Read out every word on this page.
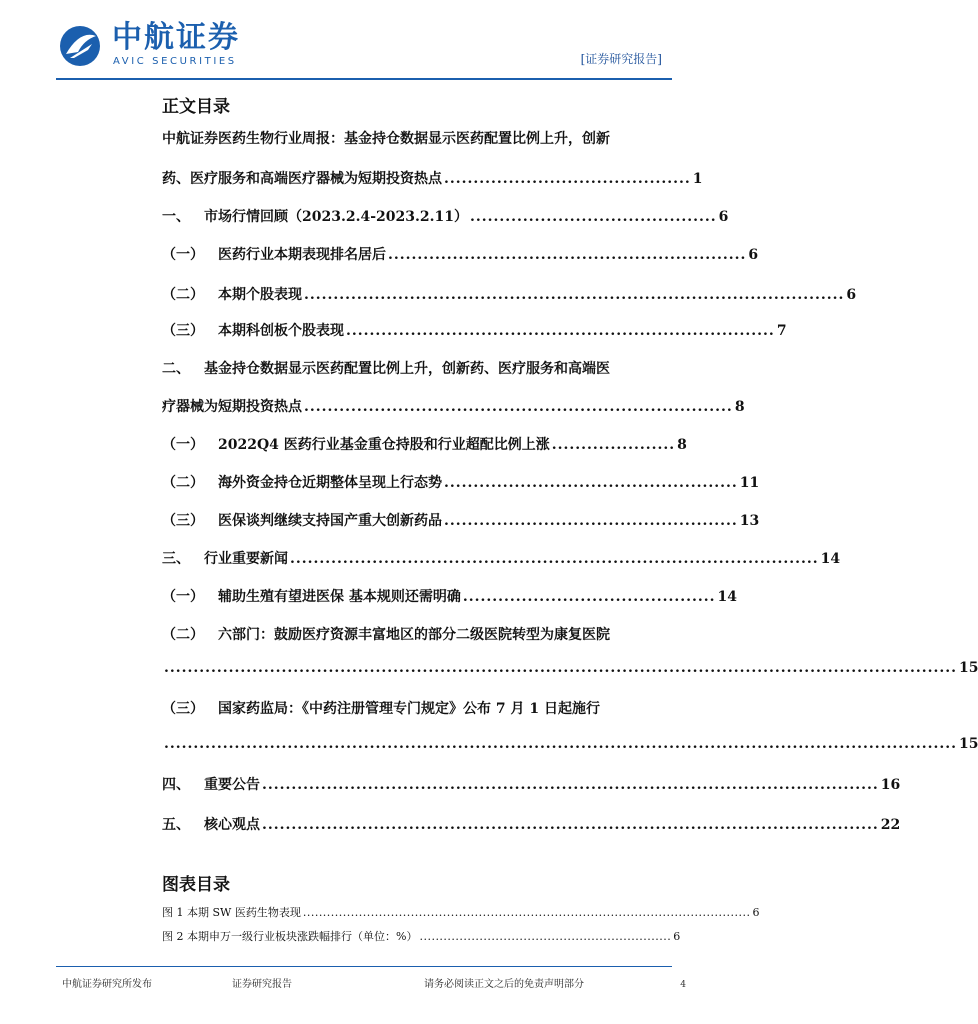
中航证券
AVIC SECURITIES	[证券研究报告]
正文目录
中航证券医药生物行业周报：基金持仓数据显示医药配置比例上升，创新
药、医疗服务和高端医疗器械为短期投资热点 .......................................... 1
一、 市场行情回顾（2023.2.4-2023.2.11） .......................................... 6
（一） 医药行业本期表现排名居后 ............................................................. 6
（二） 本期个股表现 ............................................................................................ 6
（三） 本期科创板个股表现 ......................................................................... 7
二、 基金持仓数据显示医药配置比例上升，创新药、医疗服务和高端医
疗器械为短期投资热点 ......................................................................... 8
（一） 2022Q4 医药行业基金重仓持股和行业超配比例上涨 ..................... 8
（二） 海外资金持仓近期整体呈现上行态势 .................................................. 11
（三） 医保谈判继续支持国产重大创新药品 .................................................. 13
三、 行业重要新闻 .......................................................................................... 14
（一） 辅助生殖有望进医保 基本规则还需明确 ........................................... 14
（二） 六部门：鼓励医疗资源丰富地区的部分二级医院转型为康复医院
....................................................................................................................................... 15
（三） 国家药监局：《中药注册管理专门规定》公布 7 月 1 日起施行
....................................................................................................................................... 15
四、 重要公告 ......................................................................................................... 16
五、 核心观点 ......................................................................................................... 22
图表目录
图 1 本期 SW 医药生物表现 ................................................................................................................ 6
图 2 本期申万一级行业板块涨跌幅排行（单位：%） ............................................................... 6
中航证券研究所发布	证券研究报告	请务必阅读正文之后的免责声明部分	4
